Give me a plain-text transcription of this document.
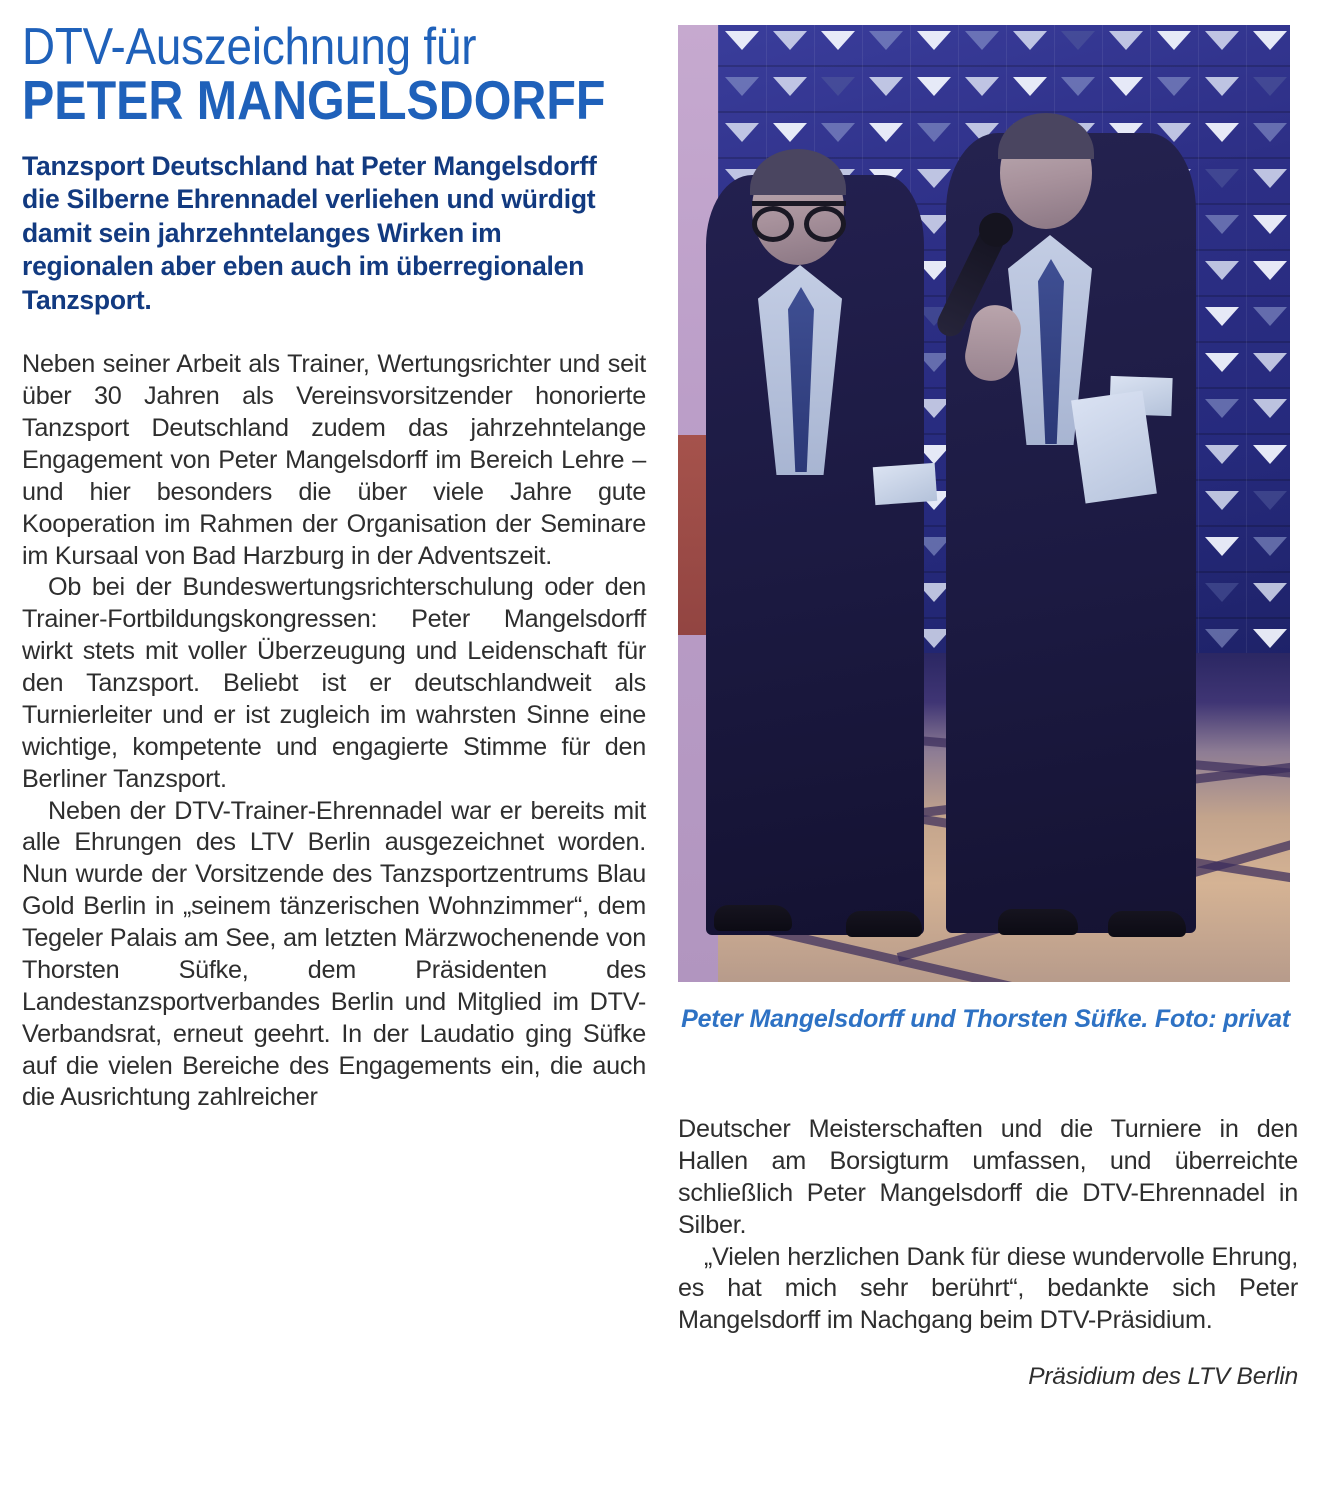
DTV-Auszeichnung für
PETER MANGELSDORFF

Tanzsport Deutschland hat Peter Mangelsdorff die Silberne Ehrennadel verliehen und würdigt damit sein jahrzehntelanges Wirken im regionalen aber eben auch im überregionalen Tanzsport.

Neben seiner Arbeit als Trainer, Wertungsrichter und seit über 30 Jahren als Vereinsvorsitzender honorierte Tanzsport Deutschland zudem das jahrzehntelange Engagement von Peter Mangelsdorff im Bereich Lehre – und hier besonders die über viele Jahre gute Kooperation im Rahmen der Organisation der Seminare im Kursaal von Bad Harzburg in der Adventszeit.

Ob bei der Bundeswertungsrichterschulung oder den Trainer-Fortbildungskongressen: Peter Mangelsdorff wirkt stets mit voller Überzeugung und Leidenschaft für den Tanzsport. Beliebt ist er deutschlandweit als Turnierleiter und er ist zugleich im wahrsten Sinne eine wichtige, kompetente und engagierte Stimme für den Berliner Tanzsport.

Neben der DTV-Trainer-Ehrennadel war er bereits mit alle Ehrungen des LTV Berlin ausgezeichnet worden. Nun wurde der Vorsitzende des Tanzsportzentrums Blau Gold Berlin in „seinem tänzerischen Wohnzimmer“, dem Tegeler Palais am See, am letzten Märzwochenende von Thorsten Süfke, dem Präsidenten des Landestanzsportverbandes Berlin und Mitglied im DTV-Verbandsrat, erneut geehrt. In der Laudatio ging Süfke auf die vielen Bereiche des Engagements ein, die auch die Ausrichtung zahlreicher

Peter Mangelsdorff und Thorsten Süfke. Foto: privat

Deutscher Meisterschaften und die Turniere in den Hallen am Borsigturm umfassen, und überreichte schließlich Peter Mangelsdorff die DTV-Ehrennadel in Silber.

„Vielen herzlichen Dank für diese wundervolle Ehrung, es hat mich sehr berührt“, bedankte sich Peter Mangelsdorff im Nachgang beim DTV-Präsidium.

Präsidium des LTV Berlin
